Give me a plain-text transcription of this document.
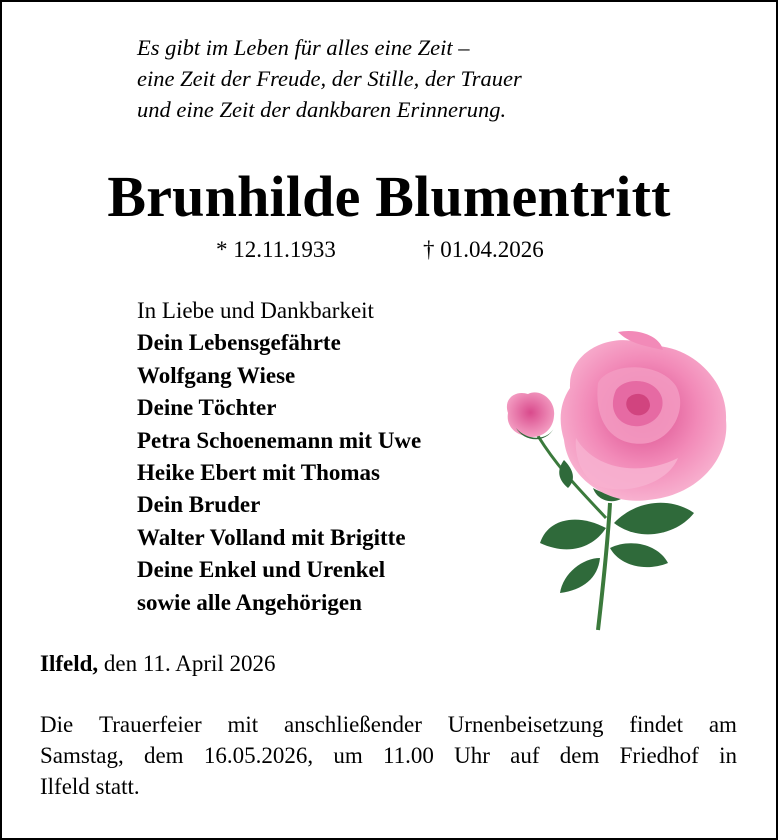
Es gibt im Leben für alles eine Zeit –
eine Zeit der Freude, der Stille, der Trauer
und eine Zeit der dankbaren Erinnerung.
Brunhilde Blumentritt
* 12.11.1933	† 01.04.2026
In Liebe und Dankbarkeit
Dein Lebensgefährte
Wolfgang Wiese
Deine Töchter
Petra Schoenemann mit Uwe
Heike Ebert mit Thomas
Dein Bruder
Walter Volland mit Brigitte
Deine Enkel und Urenkel
sowie alle Angehörigen
Ilfeld, den 11. April 2026
Die Trauerfeier mit anschließender Urnenbeisetzung findet am
Samstag, dem 16.05.2026, um 11.00 Uhr auf dem Friedhof in
Ilfeld statt.
